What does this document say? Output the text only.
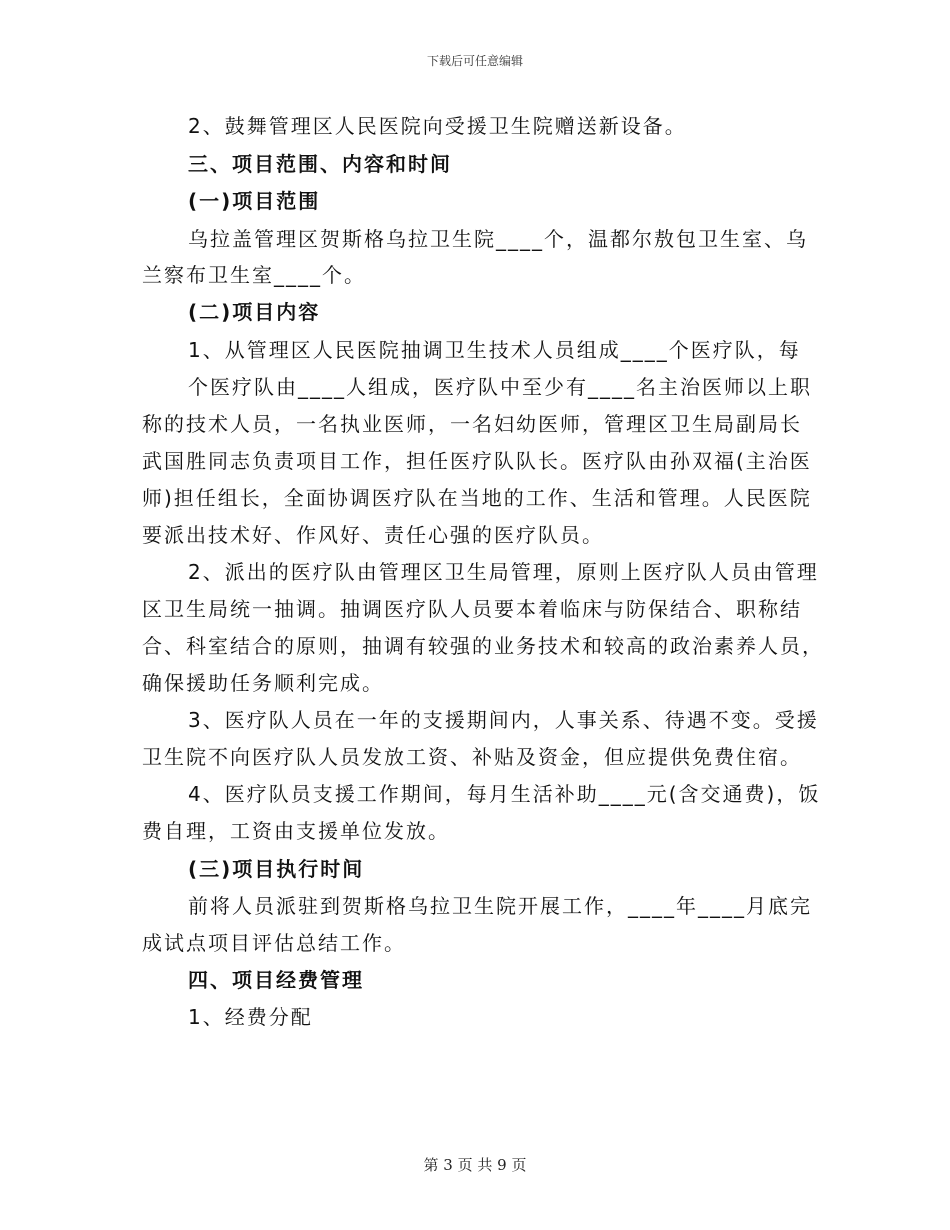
下载后可任意编辑

2、鼓舞管理区人民医院向受援卫生院赠送新设备。

三、项目范围、内容和时间

(一)项目范围

乌拉盖管理区贺斯格乌拉卫生院____个，温都尔敖包卫生室、乌

兰察布卫生室____个。

(二)项目内容

1、从管理区人民医院抽调卫生技术人员组成____个医疗队，每

个医疗队由____人组成，医疗队中至少有____名主治医师以上职

称的技术人员，一名执业医师，一名妇幼医师，管理区卫生局副局长

武国胜同志负责项目工作，担任医疗队队长。医疗队由孙双福(主治医

师)担任组长，全面协调医疗队在当地的工作、生活和管理。人民医院

要派出技术好、作风好、责任心强的医疗队员。

2、派出的医疗队由管理区卫生局管理，原则上医疗队人员由管理

区卫生局统一抽调。抽调医疗队人员要本着临床与防保结合、职称结

合、科室结合的原则，抽调有较强的业务技术和较高的政治素养人员，

确保援助任务顺利完成。

3、医疗队人员在一年的支援期间内，人事关系、待遇不变。受援

卫生院不向医疗队人员发放工资、补贴及资金，但应提供免费住宿。

4、医疗队员支援工作期间，每月生活补助____元(含交通费)，饭

费自理，工资由支援单位发放。

(三)项目执行时间

前将人员派驻到贺斯格乌拉卫生院开展工作，____年____月底完

成试点项目评估总结工作。

四、项目经费管理

1、经费分配

第 3 页 共 9 页
